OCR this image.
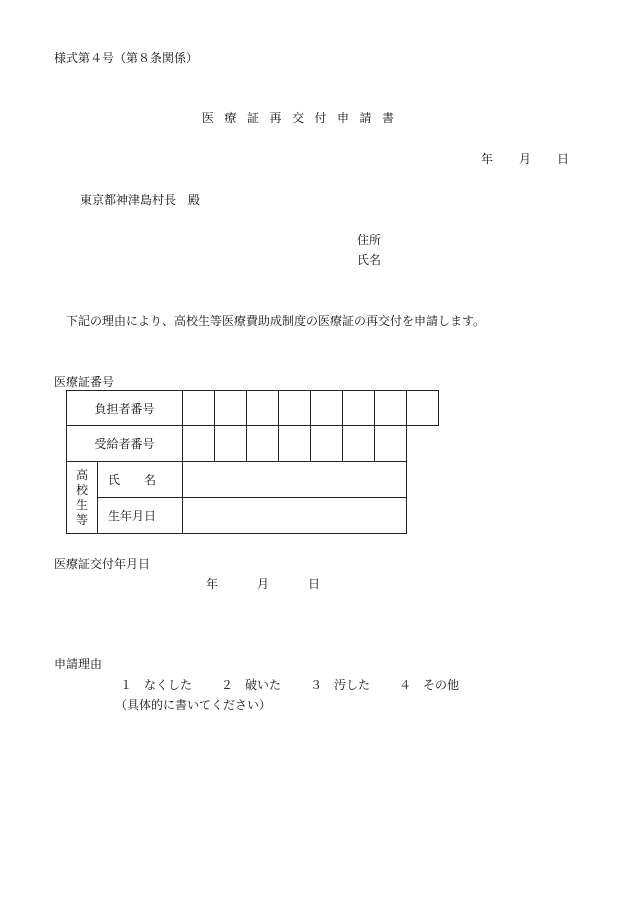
様式第４号（第８条関係）
医療証再交付申請書
年 月 日
東京都神津島村長　殿
住所
氏名
下記の理由により、高校生等医療費助成制度の医療証の再交付を申請します。
医療証番号
負担者番号									
受給者番号									

高
校
生
等	氏　　名								
	生年月日								
医療証交付年月日
年	月	日
申請理由
１　なくした ２　破いた ３　汚した ４　その他
（具体的に書いてください）
